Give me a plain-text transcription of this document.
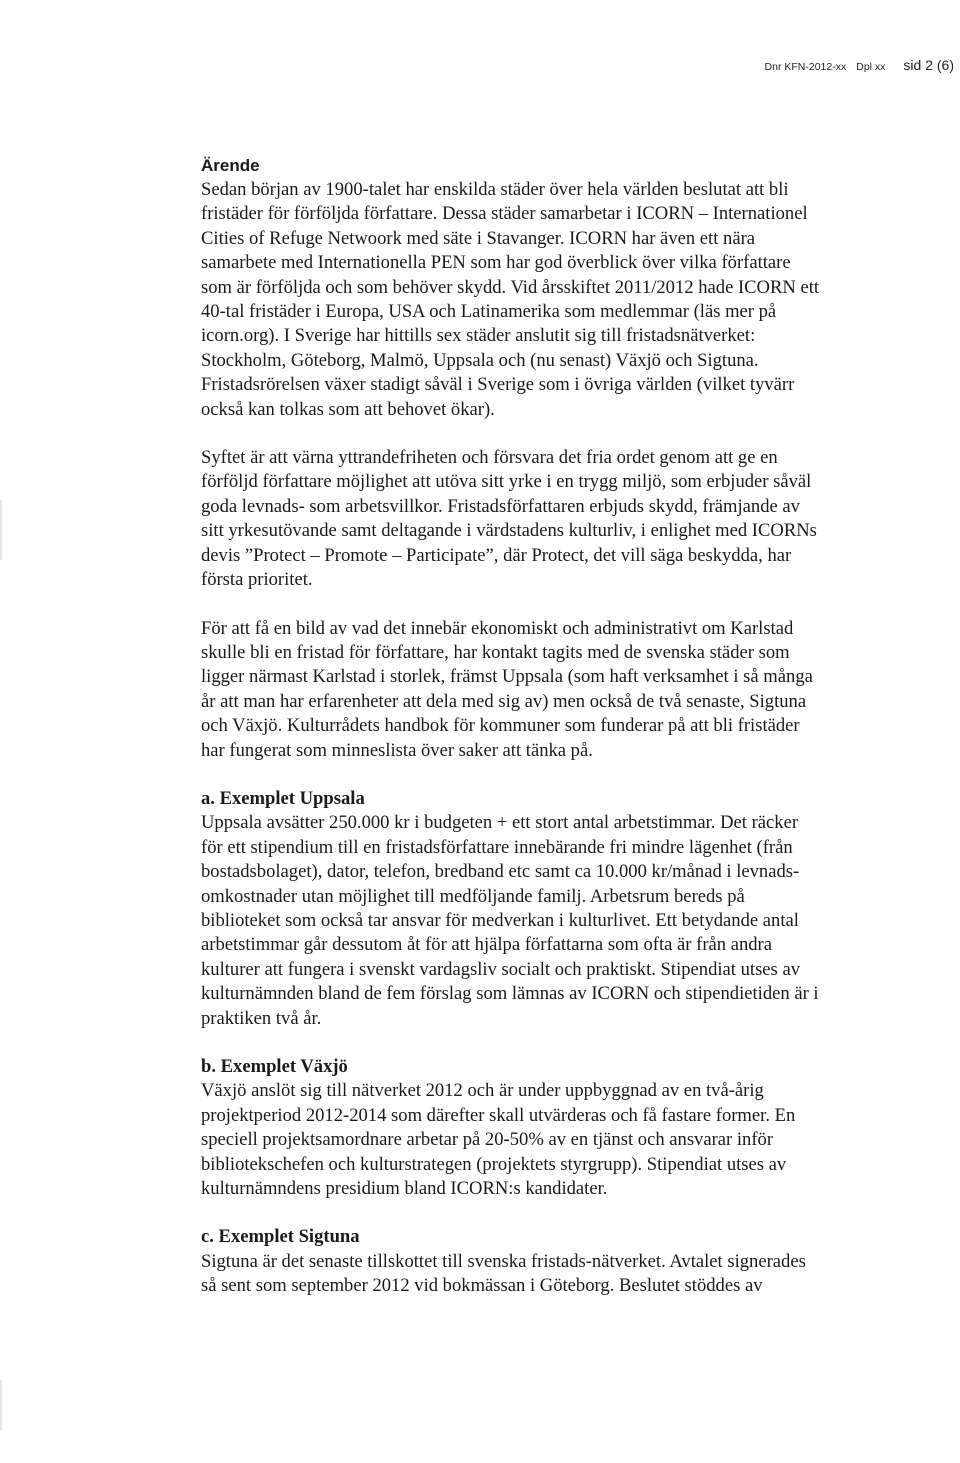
Dnr KFN-2012-xx Dpl xx sid 2 (6)
Ärende
Sedan början av 1900-talet har enskilda städer över hela världen beslutat att bli
fristäder för förföljda författare. Dessa städer samarbetar i ICORN – Internationel
Cities of Refuge Netwoork med säte i Stavanger. ICORN har även ett nära
samarbete med Internationella PEN som har god överblick över vilka författare
som är förföljda och som behöver skydd. Vid årsskiftet 2011/2012 hade ICORN ett
40-tal fristäder i Europa, USA och Latinamerika som medlemmar (läs mer på
icorn.org). I Sverige har hittills sex städer anslutit sig till fristadsnätverket:
Stockholm, Göteborg, Malmö, Uppsala och (nu senast) Växjö och Sigtuna.
Fristadsrörelsen växer stadigt såväl i Sverige som i övriga världen (vilket tyvärr
också kan tolkas som att behovet ökar).
Syftet är att värna yttrandefriheten och försvara det fria ordet genom att ge en
förföljd författare möjlighet att utöva sitt yrke i en trygg miljö, som erbjuder såväl
goda levnads- som arbetsvillkor. Fristadsförfattaren erbjuds skydd, främjande av
sitt yrkesutövande samt deltagande i värdstadens kulturliv, i enlighet med ICORNs
devis ”Protect – Promote – Participate”, där Protect, det vill säga beskydda, har
första prioritet.
För att få en bild av vad det innebär ekonomiskt och administrativt om Karlstad
skulle bli en fristad för författare, har kontakt tagits med de svenska städer som
ligger närmast Karlstad i storlek, främst Uppsala (som haft verksamhet i så många
år att man har erfarenheter att dela med sig av) men också de två senaste, Sigtuna
och Växjö. Kulturrådets handbok för kommuner som funderar på att bli fristäder
har fungerat som minneslista över saker att tänka på.
a. Exemplet Uppsala
Uppsala avsätter 250.000 kr i budgeten + ett stort antal arbetstimmar. Det räcker
för ett stipendium till en fristadsförfattare innebärande fri mindre lägenhet (från
bostadsbolaget), dator, telefon, bredband etc samt ca 10.000 kr/månad i levnads-
omkostnader utan möjlighet till medföljande familj. Arbetsrum bereds på
biblioteket som också tar ansvar för medverkan i kulturlivet. Ett betydande antal
arbetstimmar går dessutom åt för att hjälpa författarna som ofta är från andra
kulturer att fungera i svenskt vardagsliv socialt och praktiskt. Stipendiat utses av
kulturnämnden bland de fem förslag som lämnas av ICORN och stipendietiden är i
praktiken två år.
b. Exemplet Växjö
Växjö anslöt sig till nätverket 2012 och är under uppbyggnad av en två-årig
projektperiod 2012-2014 som därefter skall utvärderas och få fastare former. En
speciell projektsamordnare arbetar på 20-50% av en tjänst och ansvarar inför
bibliotekschefen och kulturstrategen (projektets styrgrupp). Stipendiat utses av
kulturnämndens presidium bland ICORN:s kandidater.
c. Exemplet Sigtuna
Sigtuna är det senaste tillskottet till svenska fristads-nätverket. Avtalet signerades
så sent som september 2012 vid bokmässan i Göteborg. Beslutet stöddes av
